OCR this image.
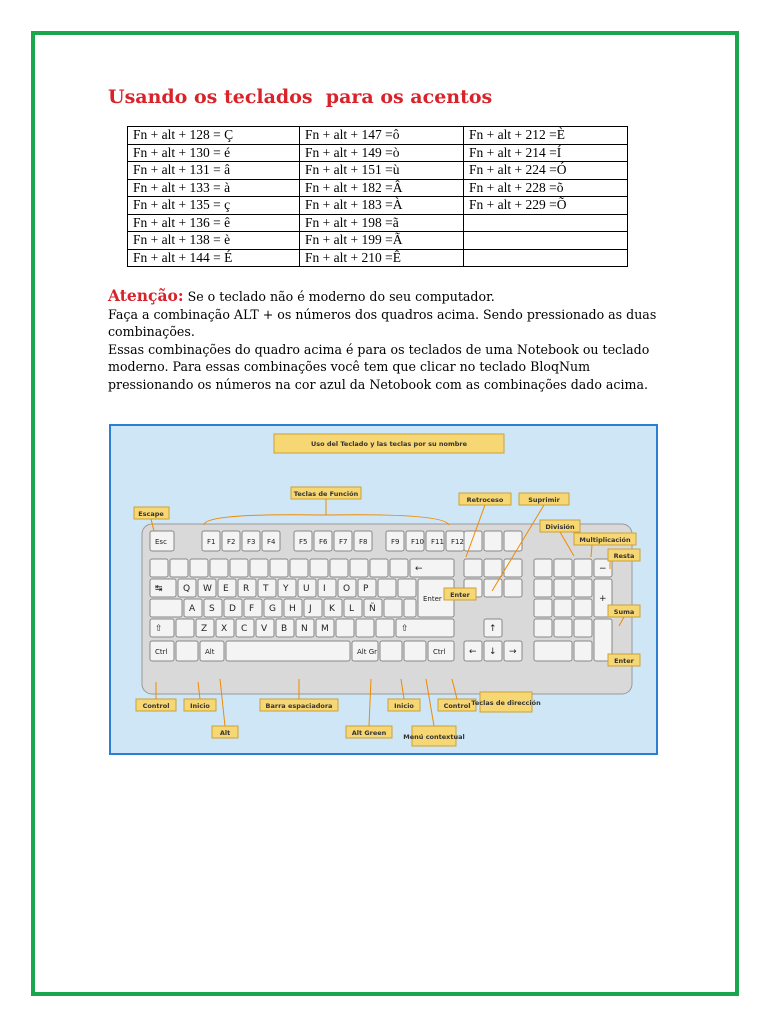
Usando os teclados  para os acentos
Fn + alt + 128 = Ç	Fn + alt + 147 =ô	Fn + alt + 212 =È
Fn + alt + 130 = é	Fn + alt + 149 =ò	Fn + alt + 214 =Í
Fn + alt + 131 = â	Fn + alt + 151 =ù	Fn + alt + 224 =Ó
Fn + alt + 133 = à	Fn + alt + 182 =Â	Fn + alt + 228 =õ
Fn + alt + 135 = ç	Fn + alt + 183 =À	Fn + alt + 229 =Õ
Fn + alt + 136 = ê	Fn + alt + 198 =ã	
Fn + alt + 138 = è	Fn + alt + 199 =Ã	
Fn + alt + 144 = É	Fn + alt + 210 =Ê	
Atenção: Se o teclado não é moderno do seu computador.
Faça a combinação ALT + os números dos quadros acima. Sendo pressionado as duas combinações.
Essas combinações do quadro acima é para os teclados de uma Notebook ou teclado moderno. Para essas combinações você tem que clicar no teclado BloqNum pressionando os números na cor azul da Netobook com as combinações dado acima.
Uso del Teclado y las teclas por su nombre
Esc	F1 F2 F3 F4	F5 F6 F7 F8	F9 F10 F11 F12
←
↹ Q W E R T Y U I O P
Enter
A S D F G H J K L Ñ
⇧	Z X C V B N M	⇧
Ctrl	Alt	Alt Gr	Ctrl
↑
← ↓ →
−
+
Teclas de Función
Escape
Retroceso	Suprimir
División
Multiplicación
Resta
Enter
Suma
Enter
Control	Inicio
Alt
Barra espaciadora
Alt Green
Inicio
Menú contextual
Control Teclas de dirección
